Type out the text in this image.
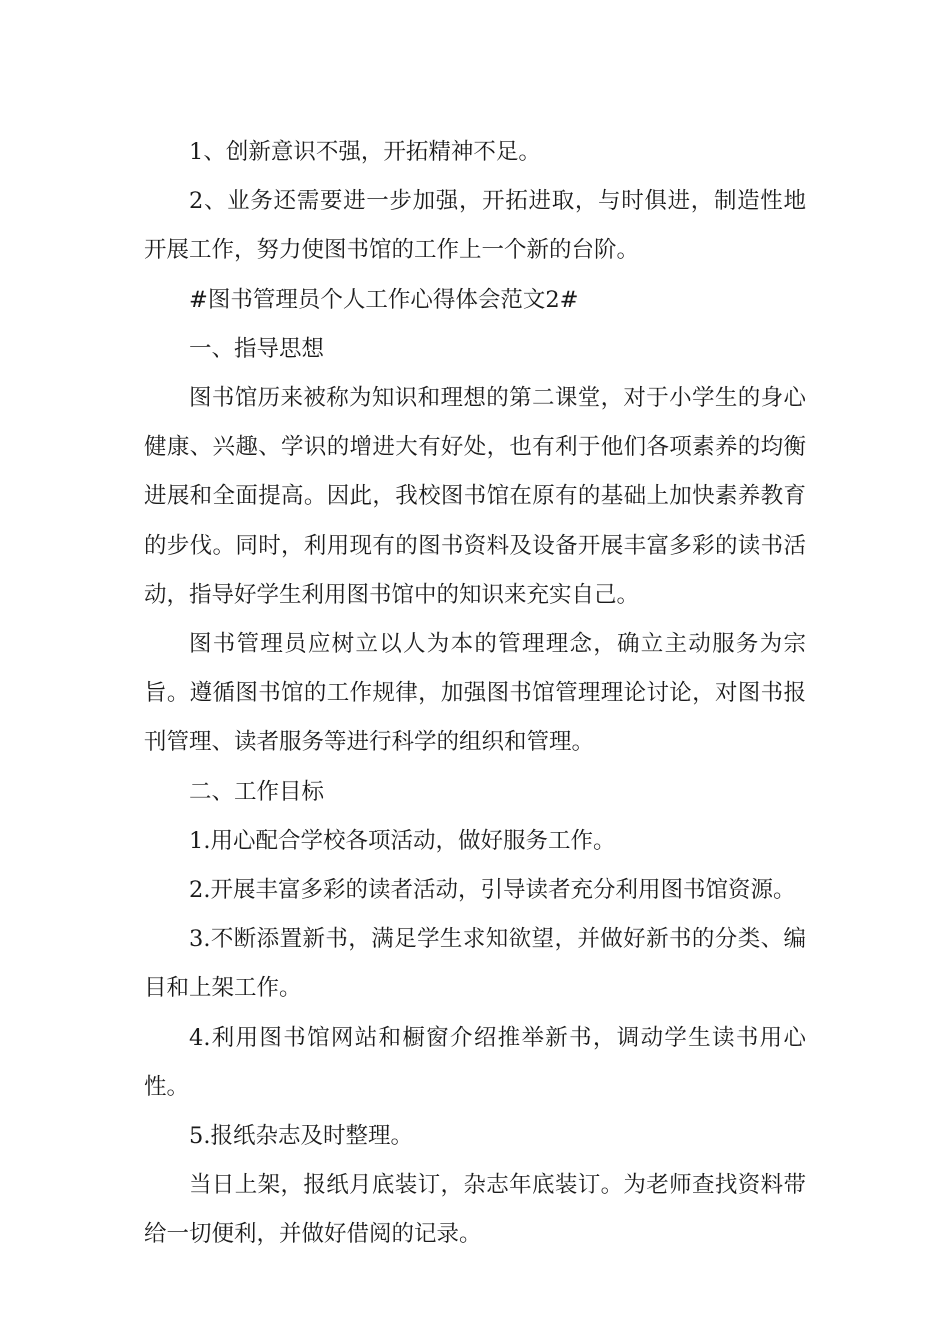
1、创新意识不强，开拓精神不足。

2、业务还需要进一步加强，开拓进取，与时俱进，制造性地开展工作，努力使图书馆的工作上一个新的台阶。

#图书管理员个人工作心得体会范文2#

一、指导思想

图书馆历来被称为知识和理想的第二课堂，对于小学生的身心健康、兴趣、学识的增进大有好处，也有利于他们各项素养的均衡进展和全面提高。因此，我校图书馆在原有的基础上加快素养教育的步伐。同时，利用现有的图书资料及设备开展丰富多彩的读书活动，指导好学生利用图书馆中的知识来充实自己。

图书管理员应树立以人为本的管理理念，确立主动服务为宗旨。遵循图书馆的工作规律，加强图书馆管理理论讨论，对图书报刊管理、读者服务等进行科学的组织和管理。

二、工作目标

1.用心配合学校各项活动，做好服务工作。

2.开展丰富多彩的读者活动，引导读者充分利用图书馆资源。

3.不断添置新书，满足学生求知欲望，并做好新书的分类、编目和上架工作。

4.利用图书馆网站和橱窗介绍推举新书，调动学生读书用心性。

5.报纸杂志及时整理。

当日上架，报纸月底装订，杂志年底装订。为老师查找资料带给一切便利，并做好借阅的记录。
